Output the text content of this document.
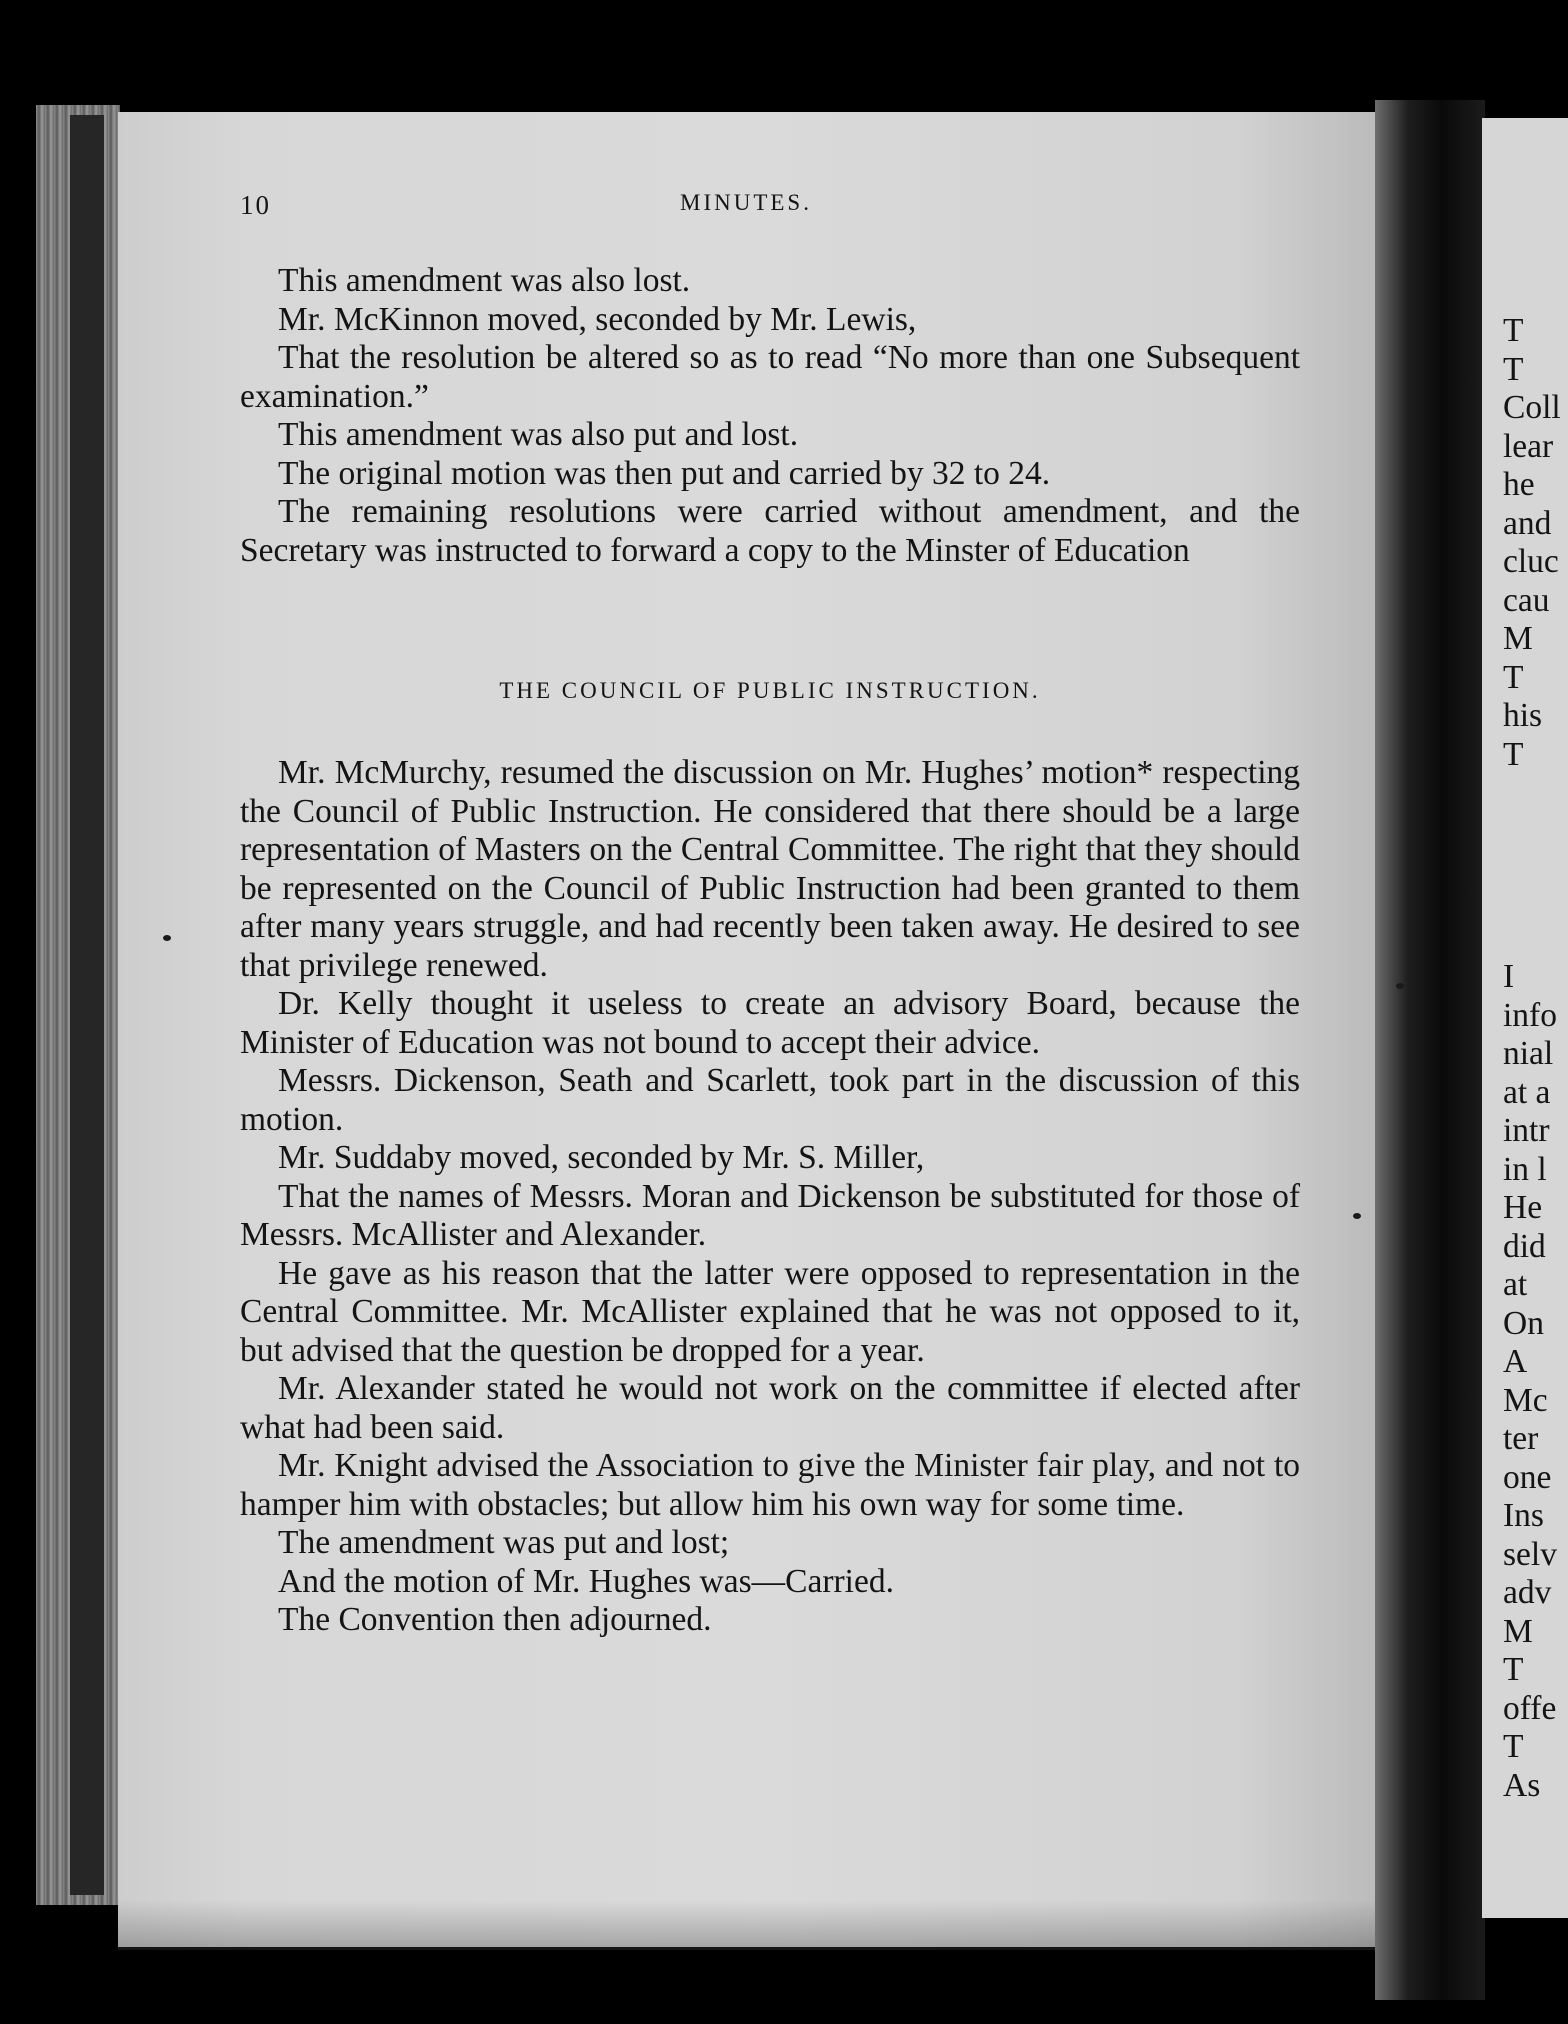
10	MINUTES.

This amendment was also lost.

Mr. McKinnon moved, seconded by Mr. Lewis,

That the resolution be altered so as to read “No more than one Subsequent examination.”

This amendment was also put and lost.

The original motion was then put and carried by 32 to 24.

The remaining resolutions were carried without amendment, and the Secretary was instructed to forward a copy to the Minster of Education

THE COUNCIL OF PUBLIC INSTRUCTION.

Mr. McMurchy, resumed the discussion on Mr. Hughes’ motion* respecting the Council of Public Instruction. He considered that there should be a large representation of Masters on the Central Committee. The right that they should be represented on the Council of Public Instruction had been granted to them after many years struggle, and had recently been taken away. He desired to see that privilege renewed.

Dr. Kelly thought it useless to create an advisory Board, because the Minister of Education was not bound to accept their advice.

Messrs. Dickenson, Seath and Scarlett, took part in the discussion of this motion.

Mr. Suddaby moved, seconded by Mr. S. Miller,

That the names of Messrs. Moran and Dickenson be substituted for those of Messrs. McAllister and Alexander.

He gave as his reason that the latter were opposed to representation in the Central Committee. Mr. McAllister explained that he was not opposed to it, but advised that the question be dropped for a year.

Mr. Alexander stated he would not work on the committee if elected after what had been said.

Mr. Knight advised the Association to give the Minister fair play, and not to hamper him with obstacles; but allow him his own way for some time.

The amendment was put and lost;

And the motion of Mr. Hughes was—Carried.

The Convention then adjourned.

T
T
Coll
lear
he
and
cluc
cau
M
T
his
T
I
info
nial
at a
intr
in l
He
did
at
On
A
Mc
ter
one
Ins
selv
adv
M
T
offe
T
As
